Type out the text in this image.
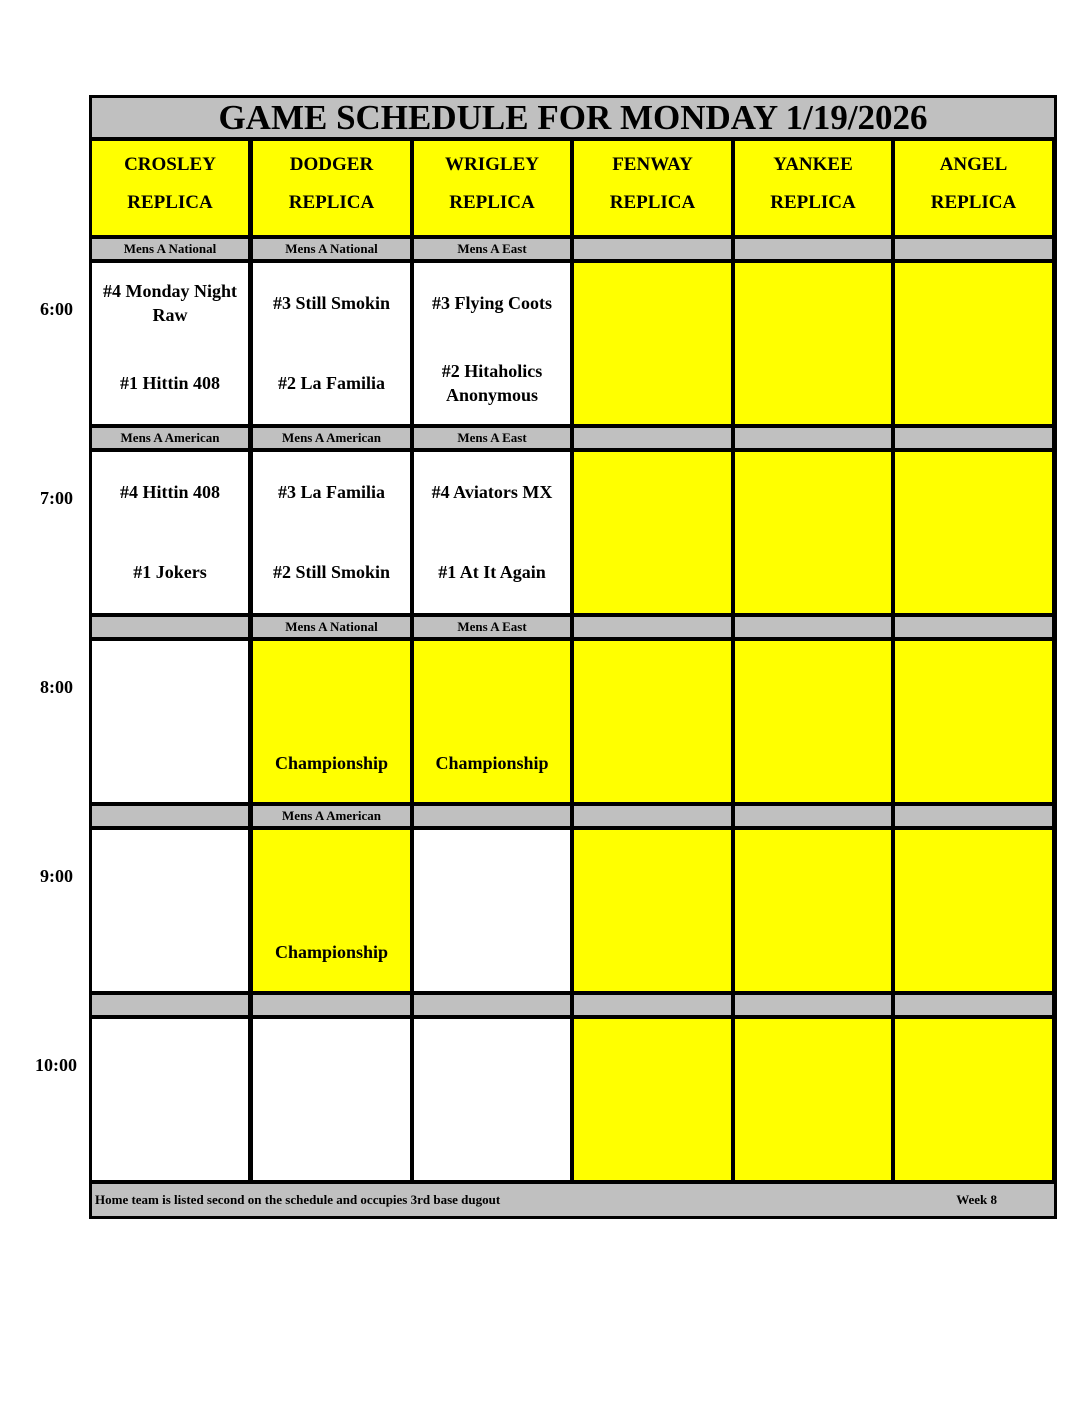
GAME SCHEDULE FOR MONDAY 1/19/2026
CROSLEY
REPLICA
DODGER
REPLICA
WRIGLEY
REPLICA
FENWAY
REPLICA
YANKEE
REPLICA
ANGEL
REPLICA
Mens A National
#4 Monday Night Raw
#1 Hittin 408
Mens A National
#3 Still Smokin
#2 La Familia
Mens A East
#3 Flying Coots
#2 Hitaholics Anonymous
Mens A American
#4 Hittin 408
#1 Jokers
Mens A American
#3 La Familia
#2 Still Smokin
Mens A East
#4 Aviators MX
#1 At It Again
Mens A National
Championship
Mens A East
Championship
Mens A American
Championship
Home team is listed second on the schedule and occupies 3rd base dugout	Week 8
6:00
7:00
8:00
9:00
10:00
